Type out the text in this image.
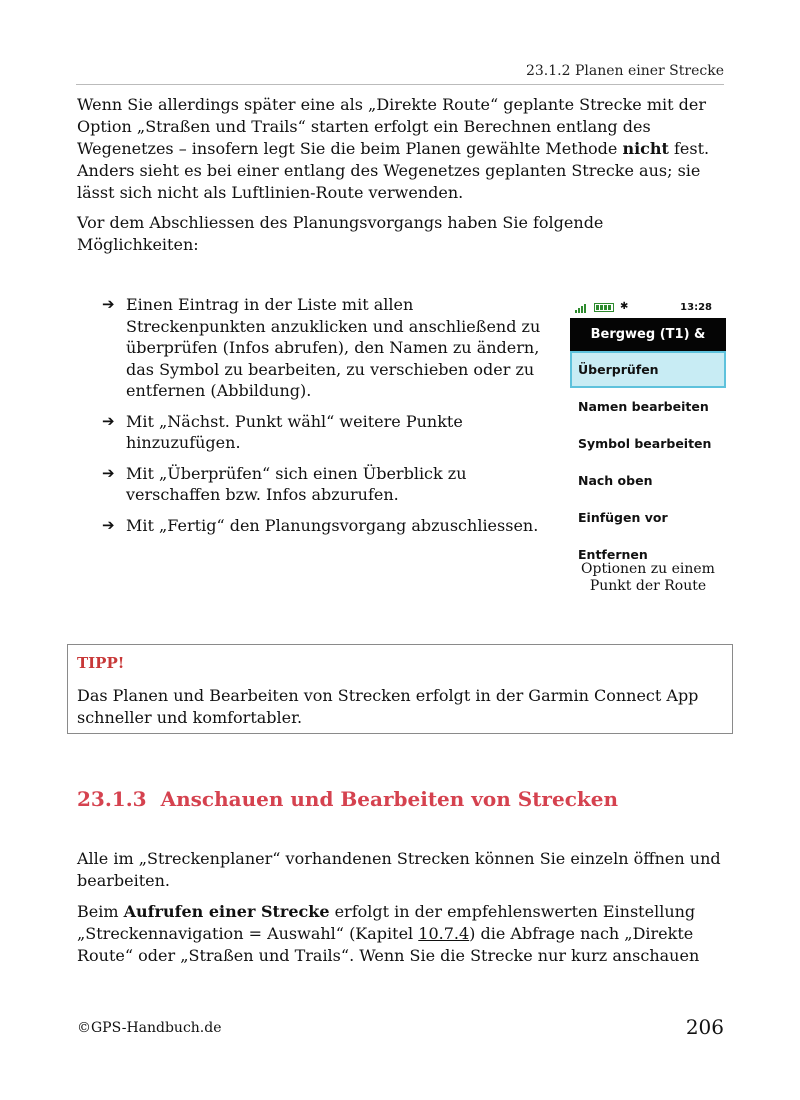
23.1.2 Planen einer Strecke

Wenn Sie allerdings später eine als „Direkte Route“ geplante Strecke mit der Option „Straßen und Trails“ starten erfolgt ein Berechnen entlang des Wegenetzes – insofern legt Sie die beim Planen gewählte Methode nicht fest. Anders sieht es bei einer entlang des Wegenetzes geplanten Strecke aus; sie lässt sich nicht als Luftlinien-Route verwenden.

Vor dem Abschliessen des Planungsvorgangs haben Sie folgende Möglichkeiten:

➔ Einen Eintrag in der Liste mit allen Streckenpunkten anzuklicken und anschließend zu überprüfen (Infos abrufen), den Namen zu ändern, das Symbol zu bearbeiten, zu verschieben oder zu entfernen (Abbildung).
➔ Mit „Nächst. Punkt wähl“ weitere Punkte hinzuzufügen.
➔ Mit „Überprüfen“ sich einen Überblick zu verschaffen bzw. Infos abzurufen.
➔ Mit „Fertig“ den Planungsvorgang abzuschliessen.
✱	13:28
Bergweg (T1) &
Überprüfen
Namen bearbeiten
Symbol bearbeiten
Nach oben
Einfügen vor
Entfernen
Optionen zu einem Punkt der Route
TIPP!
Das Planen und Bearbeiten von Strecken erfolgt in der Garmin Connect App schneller und komfortabler.
23.1.3 Anschauen und Bearbeiten von Strecken

Alle im „Streckenplaner“ vorhandenen Strecken können Sie einzeln öffnen und bearbeiten.

Beim Aufrufen einer Strecke erfolgt in der empfehlenswerten Einstellung „Streckennavigation = Auswahl“ (Kapitel 10.7.4) die Abfrage nach „Direkte Route“ oder „Straßen und Trails“. Wenn Sie die Strecke nur kurz anschauen

©GPS-Handbuch.de	206
